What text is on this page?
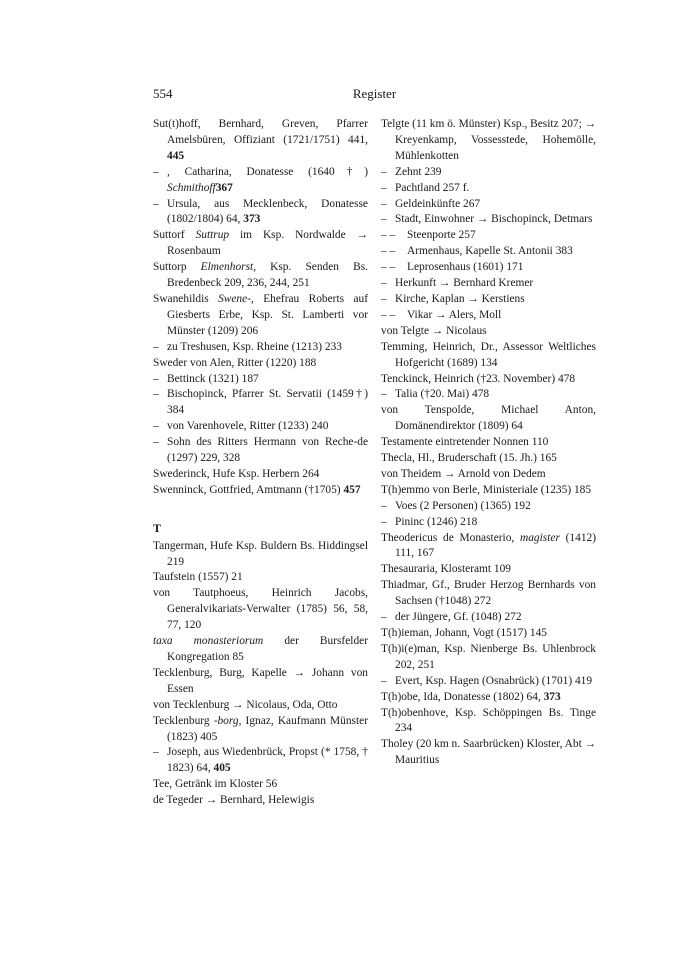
554	Register
Sut(t)hoff, Bernhard, Greven, Pfarrer Amelsbüren, Offiziant (1721/1751) 441, 445
– , Catharina, Donatesse (1640†) Schmithoff367
– Ursula, aus Mecklenbeck, Donatesse (1802/1804) 64, 373
Suttorf Suttrup im Ksp. Nordwalde → Rosenbaum
Suttorp Elmenhorst, Ksp. Senden Bs. Bredenbeck 209, 236, 244, 251
Swanehildis Swene-, Ehefrau Roberts auf Giesberts Erbe, Ksp. St. Lamberti vor Münster (1209) 206
– zu Treshusen, Ksp. Rheine (1213) 233
Sweder von Alen, Ritter (1220) 188
– Bettinck (1321) 187
– Bischopinck, Pfarrer St. Servatii (1459†) 384
– von Varenhovele, Ritter (1233) 240
– Sohn des Ritters Hermann von Reche-de (1297) 229, 328
Swederinck, Hufe Ksp. Herbern 264
Swenninck, Gottfried, Amtmann (†1705) 457
T
Tangerman, Hufe Ksp. Buldern Bs. Hiddingsel 219
Taufstein (1557) 21
von Tautphoeus, Heinrich Jacobs, Generalvikariats-Verwalter (1785) 56, 58, 77, 120
taxa monasteriorum der Bursfelder Kongregation 85
Tecklenburg, Burg, Kapelle → Johann von Essen
von Tecklenburg → Nicolaus, Oda, Otto
Tecklenburg -borg, Ignaz, Kaufmann Münster (1823) 405
– Joseph, aus Wiedenbrück, Propst (* 1758, † 1823) 64, 405
Tee, Getränk im Kloster 56
de Tegeder → Bernhard, Helewigis
Telgte (11 km ö. Münster) Ksp., Besitz 207; → Kreyenkamp, Vossesstede, Hohemölle, Mühlenkotten
– Zehnt 239
– Pachtland 257 f.
– Geldeinkünfte 267
– Stadt, Einwohner → Bischopinck, Detmars
– – Steenporte 257
– – Armenhaus, Kapelle St. Antonii 383
– – Leprosenhaus (1601) 171
– Herkunft → Bernhard Kremer
– Kirche, Kaplan → Kerstiens
– – Vikar → Alers, Moll
von Telgte → Nicolaus
Temming, Heinrich, Dr., Assessor Weltliches Hofgericht (1689) 134
Tenckinck, Heinrich (†23. November) 478
– Talia (†20. Mai) 478
von Tenspolde, Michael Anton, Domänendirektor (1809) 64
Testamente eintretender Nonnen 110
Thecla, Hl., Bruderschaft (15. Jh.) 165
von Theidem → Arnold von Dedem
T(h)emmo von Berle, Ministeriale (1235) 185
– Voes (2 Personen) (1365) 192
– Pininc (1246) 218
Theodericus de Monasterio, magister (1412) 111, 167
Thesauraria, Klosteramt 109
Thiadmar, Gf., Bruder Herzog Bernhards von Sachsen (†1048) 272
– der Jüngere, Gf. (1048) 272
T(h)ieman, Johann, Vogt (1517) 145
T(h)i(e)man, Ksp. Nienberge Bs. Uhlenbrock 202, 251
– Evert, Ksp. Hagen (Osnabrück) (1701) 419
T(h)obe, Ida, Donatesse (1802) 64, 373
T(h)obenhove, Ksp. Schöppingen Bs. Tinge 234
Tholey (20 km n. Saarbrücken) Kloster, Abt → Mauritius
